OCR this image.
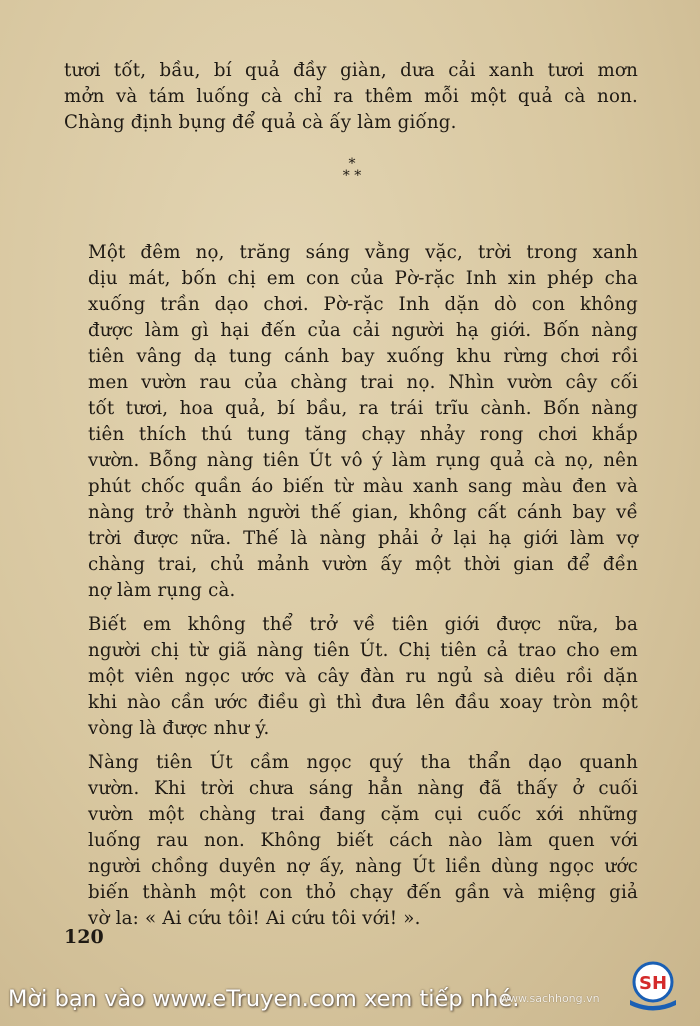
*
* *
tươi tốt, bầu, bí quả đầy giàn, dưa cải xanh tươi mơn
mởn và tám luống cà chỉ ra thêm mỗi một quả cà non.
Chàng định bụng để quả cà ấy làm giống.
Một đêm nọ, trăng sáng vằng vặc, trời trong xanh
dịu mát, bốn chị em con của Pờ-rặc Inh xin phép cha
xuống trần dạo chơi. Pờ-rặc Inh dặn dò con không
được làm gì hại đến của cải người hạ giới. Bốn nàng
tiên vâng dạ tung cánh bay xuống khu rừng chơi rồi
men vườn rau của chàng trai nọ. Nhìn vườn cây cối
tốt tươi, hoa quả, bí bầu, ra trái trĩu cành. Bốn nàng
tiên thích thú tung tăng chạy nhảy rong chơi khắp
vườn. Bỗng nàng tiên Út vô ý làm rụng quả cà nọ, nên
phút chốc quần áo biến từ màu xanh sang màu đen và
nàng trở thành người thế gian, không cất cánh bay về
trời được nữa. Thế là nàng phải ở lại hạ giới làm vợ
chàng trai, chủ mảnh vườn ấy một thời gian để đền
nợ làm rụng cà.
Biết em không thể trở về tiên giới được nữa, ba
người chị từ giã nàng tiên Út. Chị tiên cả trao cho em
một viên ngọc ước và cây đàn ru ngủ sà diêu rồi dặn
khi nào cần ước điều gì thì đưa lên đầu xoay tròn một
vòng là được như ý.
Nàng tiên Út cầm ngọc quý tha thẩn dạo quanh
vườn. Khi trời chưa sáng hẳn nàng đã thấy ở cuối
vườn một chàng trai đang cặm cụi cuốc xới những
luống rau non. Không biết cách nào làm quen với
người chồng duyên nợ ấy, nàng Út liền dùng ngọc ước
biến thành một con thỏ chạy đến gần và miệng giả
vờ la: « Ai cứu tôi! Ai cứu tôi với! ».
120
Mời bạn vào www.eTruyen.com xem tiếp nhé.
www.sachhong.vn
SH
